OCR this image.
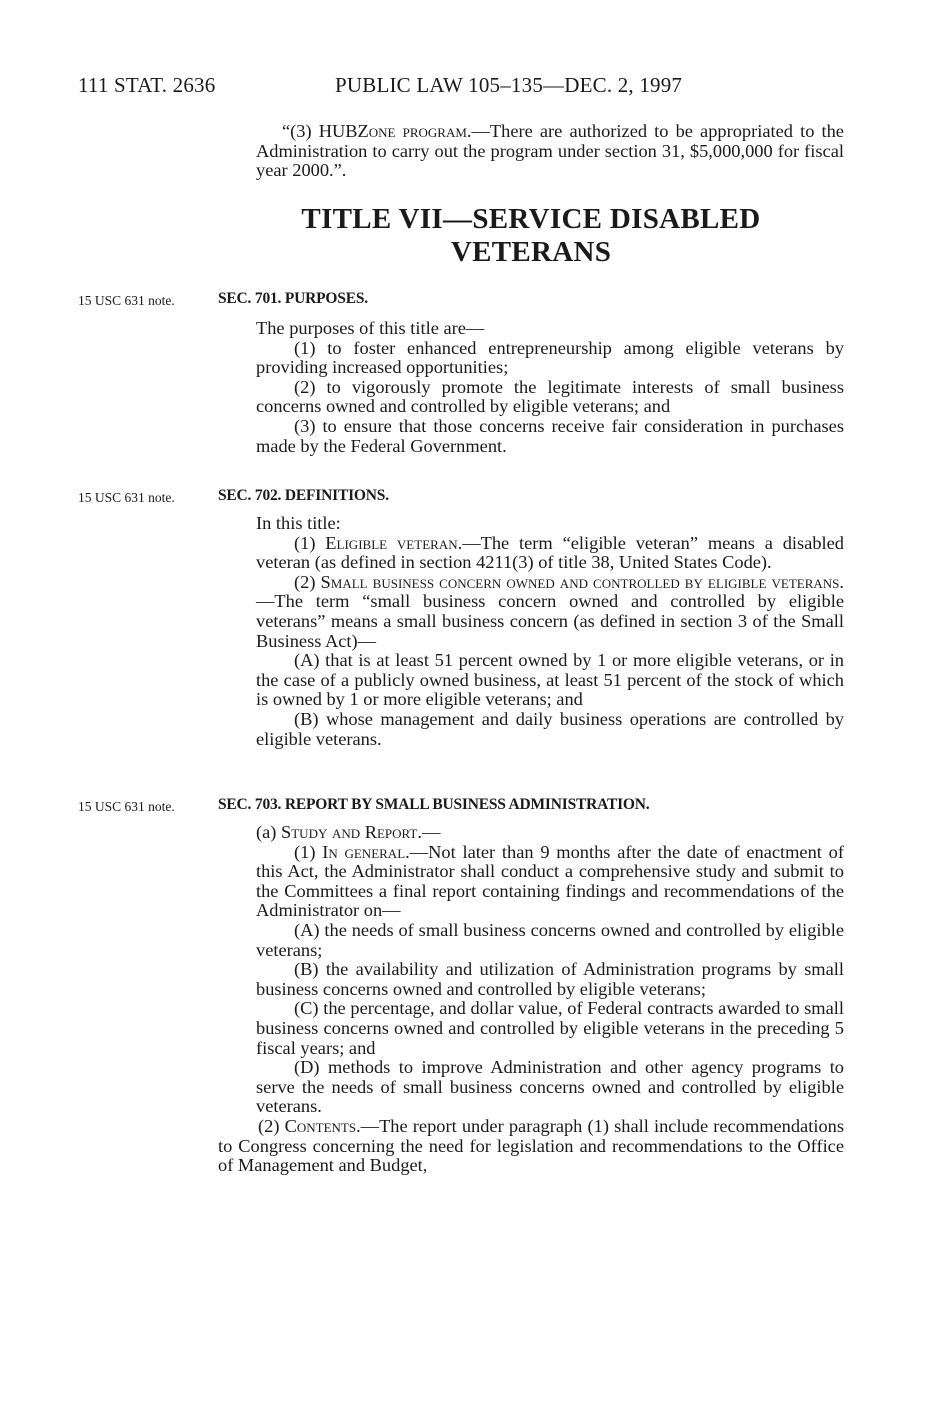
111 STAT. 2636	PUBLIC LAW 105–135—DEC. 2, 1997

“(3) HUBZone program.—There are authorized to be appropriated to the Administration to carry out the program under section 31, $5,000,000 for fiscal year 2000.”.

TITLE VII—SERVICE DISABLED
VETERANS
15 USC 631 note.	SEC. 701. PURPOSES.

The purposes of this title are—

(1) to foster enhanced entrepreneurship among eligible veterans by providing increased opportunities;

(2) to vigorously promote the legitimate interests of small business concerns owned and controlled by eligible veterans; and

(3) to ensure that those concerns receive fair consideration in purchases made by the Federal Government.

15 USC 631 note.	SEC. 702. DEFINITIONS.

In this title:

(1) Eligible veteran.—The term “eligible veteran” means a disabled veteran (as defined in section 4211(3) of title 38, United States Code).

(2) Small business concern owned and controlled by eligible veterans.—The term “small business concern owned and controlled by eligible veterans” means a small business concern (as defined in section 3 of the Small Business Act)—

(A) that is at least 51 percent owned by 1 or more eligible veterans, or in the case of a publicly owned business, at least 51 percent of the stock of which is owned by 1 or more eligible veterans; and

(B) whose management and daily business operations are controlled by eligible veterans.

15 USC 631 note.	SEC. 703. REPORT BY SMALL BUSINESS ADMINISTRATION.

(a) Study and Report.—

(1) In general.—Not later than 9 months after the date of enactment of this Act, the Administrator shall conduct a comprehensive study and submit to the Committees a final report containing findings and recommendations of the Administrator on—

(A) the needs of small business concerns owned and controlled by eligible veterans;

(B) the availability and utilization of Administration programs by small business concerns owned and controlled by eligible veterans;

(C) the percentage, and dollar value, of Federal contracts awarded to small business concerns owned and controlled by eligible veterans in the preceding 5 fiscal years; and

(D) methods to improve Administration and other agency programs to serve the needs of small business concerns owned and controlled by eligible veterans.

(2) Contents.—The report under paragraph (1) shall include recommendations to Congress concerning the need for legislation and recommendations to the Office of Management and Budget,
